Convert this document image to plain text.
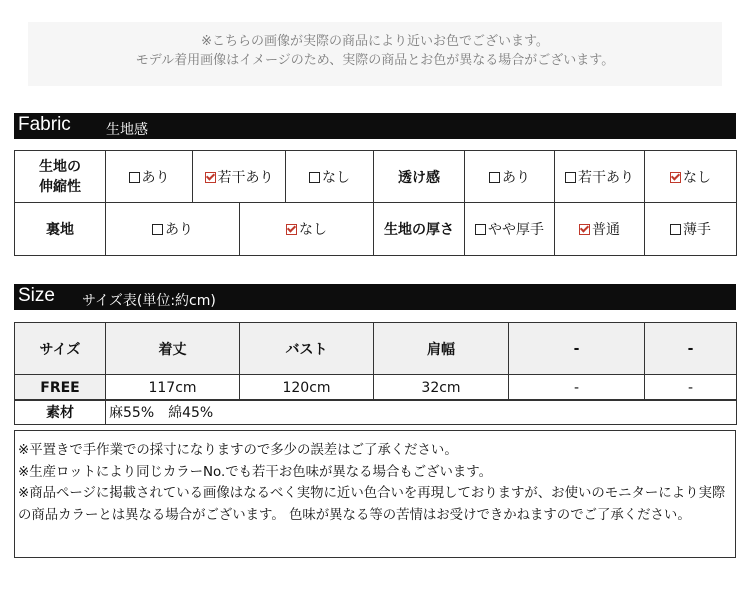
※こちらの画像が実際の商品により近いお色でございます。
モデル着用画像はイメージのため、実際の商品とお色が異なる場合がございます。
Fabric	生地感
生地の
伸縮性	あり	若干あり	なし	透け感	あり	若干あり	なし
裏地	あり	なし	生地の厚さ	やや厚手	普通	薄手
Size サイズ表(単位:約cm)
サイズ	着丈	バスト	肩幅	-	-
FREE	117cm	120cm	32cm	-	-
素材	麻55%　綿45%
※平置きで手作業での採寸になりますので多少の誤差はご了承ください。
※生産ロットにより同じカラーNo.でも若干お色味が異なる場合もございます。
※商品ページに掲載されている画像はなるべく実物に近い色合いを再現しておりますが、お使いのモニターにより実際の商品カラーとは異なる場合がございます。 色味が異なる等の苦情はお受けできかねますのでご了承ください。
